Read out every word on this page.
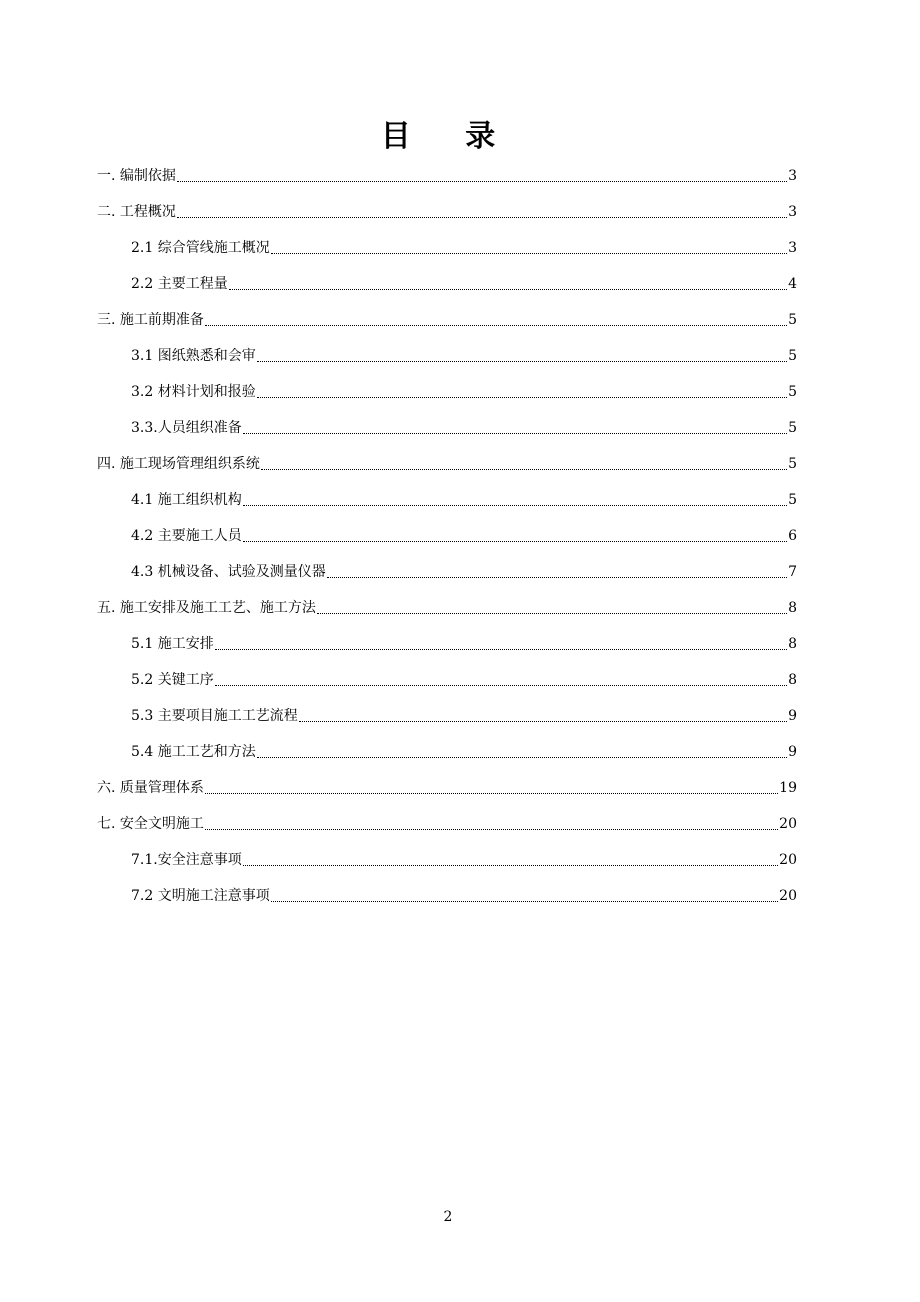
目 录
一. 编制依据	3
二. 工程概况	3
2.1 综合管线施工概况	3
2.2 主要工程量	4
三. 施工前期准备	5
3.1 图纸熟悉和会审	5
3.2 材料计划和报验	5
3.3.人员组织准备	5
四. 施工现场管理组织系统	5
4.1 施工组织机构	5
4.2 主要施工人员	6
4.3 机械设备、试验及测量仪器	7
五. 施工安排及施工工艺、施工方法	8
5.1 施工安排	8
5.2 关键工序	8
5.3 主要项目施工工艺流程	9
5.4 施工工艺和方法	9
六. 质量管理体系	19
七. 安全文明施工	20
7.1.安全注意事项	20
7.2 文明施工注意事项	20
2
